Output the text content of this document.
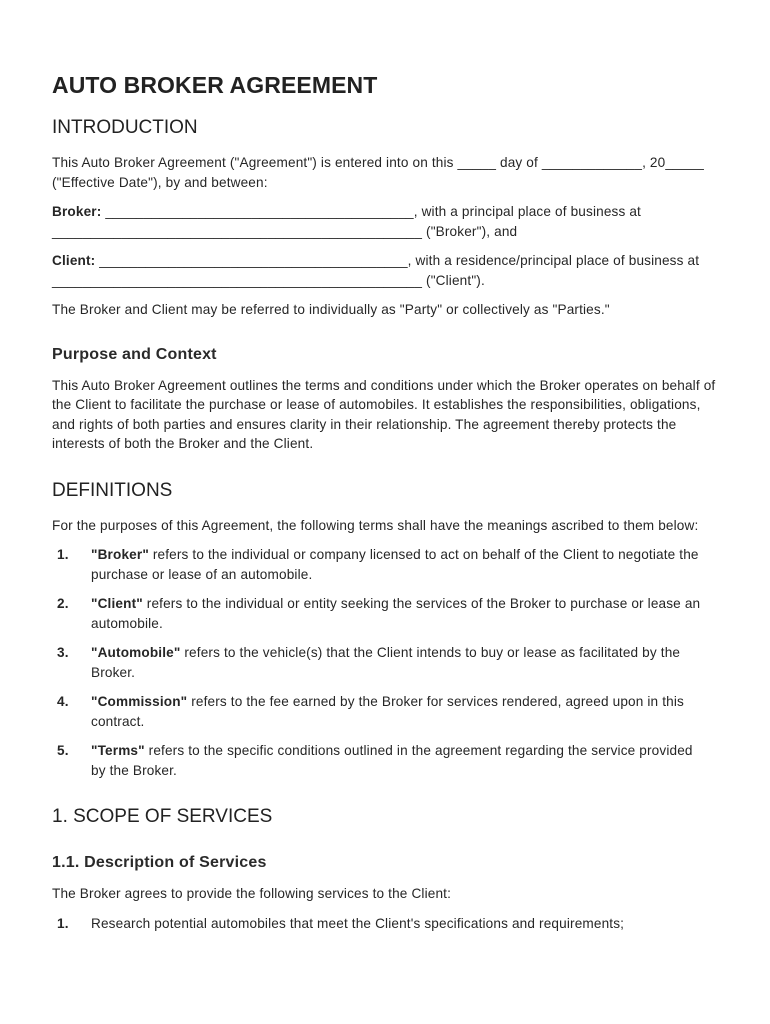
AUTO BROKER AGREEMENT
INTRODUCTION

This Auto Broker Agreement ("Agreement") is entered into on this _____ day of _____________, 20_____ ("Effective Date"), by and between:

Broker: ________________________________________, with a principal place of business at ________________________________________________ ("Broker"), and

Client: ________________________________________, with a residence/principal place of business at ________________________________________________ ("Client").

The Broker and Client may be referred to individually as "Party" or collectively as "Parties."

Purpose and Context

This Auto Broker Agreement outlines the terms and conditions under which the Broker operates on behalf of the Client to facilitate the purchase or lease of automobiles. It establishes the responsibilities, obligations, and rights of both parties and ensures clarity in their relationship. The agreement thereby protects the interests of both the Broker and the Client.

DEFINITIONS

For the purposes of this Agreement, the following terms shall have the meanings ascribed to them below:

1.	"Broker" refers to the individual or company licensed to act on behalf of the Client to negotiate the purchase or lease of an automobile.
2.	"Client" refers to the individual or entity seeking the services of the Broker to purchase or lease an automobile.
3.	"Automobile" refers to the vehicle(s) that the Client intends to buy or lease as facilitated by the Broker.
4.	"Commission" refers to the fee earned by the Broker for services rendered, agreed upon in this contract.
5.	"Terms" refers to the specific conditions outlined in the agreement regarding the service provided by the Broker.
1. SCOPE OF SERVICES
1.1. Description of Services

The Broker agrees to provide the following services to the Client:

1.	Research potential automobiles that meet the Client's specifications and requirements;
